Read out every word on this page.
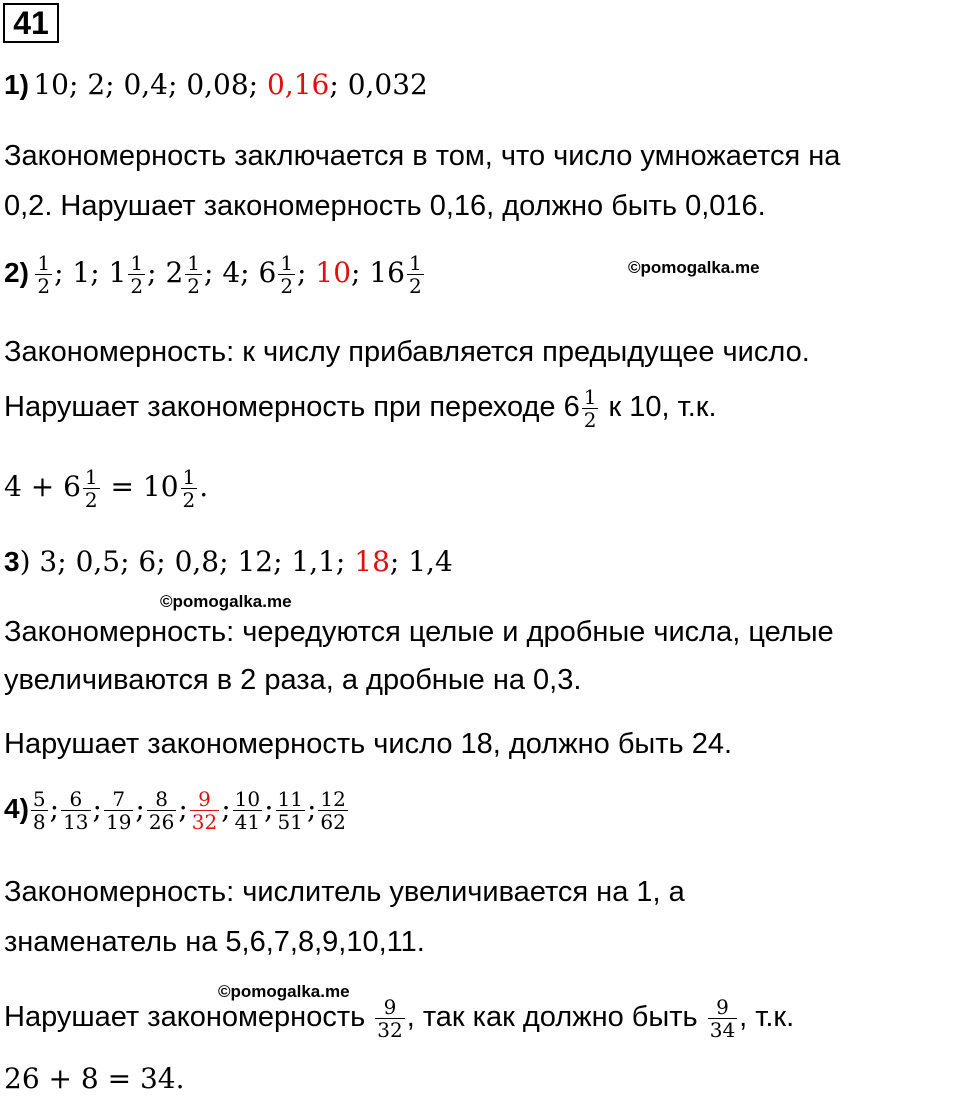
41
1) 10; 2; 0,4; 0,08; 0,16; 0,032
Закономерность заключается в том, что число умножается на
0,2. Нарушает закономерность 0,16, должно быть 0,016.
$2) \frac{1}{2}$ ; 1; $1 \frac{1}{2}$ ; $2 \frac{1}{2}$ ; 4; $6 \frac{1}{2}$ ; 10; $16 \frac{1}{2}$	©pomogalka.me
Закономерность: к числу прибавляется предыдущее число.
Нарушает закономерность при переходе $6 \frac{1}{2}$ к 10, т.к.
$4 + 6 \frac{1}{2} = 10 \frac{1}{2}$ .
3) 3; 0,5; 6; 0,8; 12; 1,1; 18; 1,4
©pomogalka.me
Закономерность: чередуются целые и дробные числа, целые
увеличиваются в 2 раза, а дробные на 0,3.
Нарушает закономерность число 18, должно быть 24.
$4) \frac{5}{8}$ ; $\frac{6}{13}$ ; $\frac{7}{19}$ ; $\frac{8}{26}$ ; $\frac{9}{32}$ ; $\frac{10}{41}$ ; $\frac{11}{51}$ ; $\frac{12}{62}$
Закономерность: числитель увеличивается на 1, а
знаменатель на 5,6,7,8,9,10,11.
©pomogalka.me
Нарушает закономерность $\frac{9}{32}$ , так как должно быть $\frac{9}{34}$ , т.к.
26 + 8 = 34.
